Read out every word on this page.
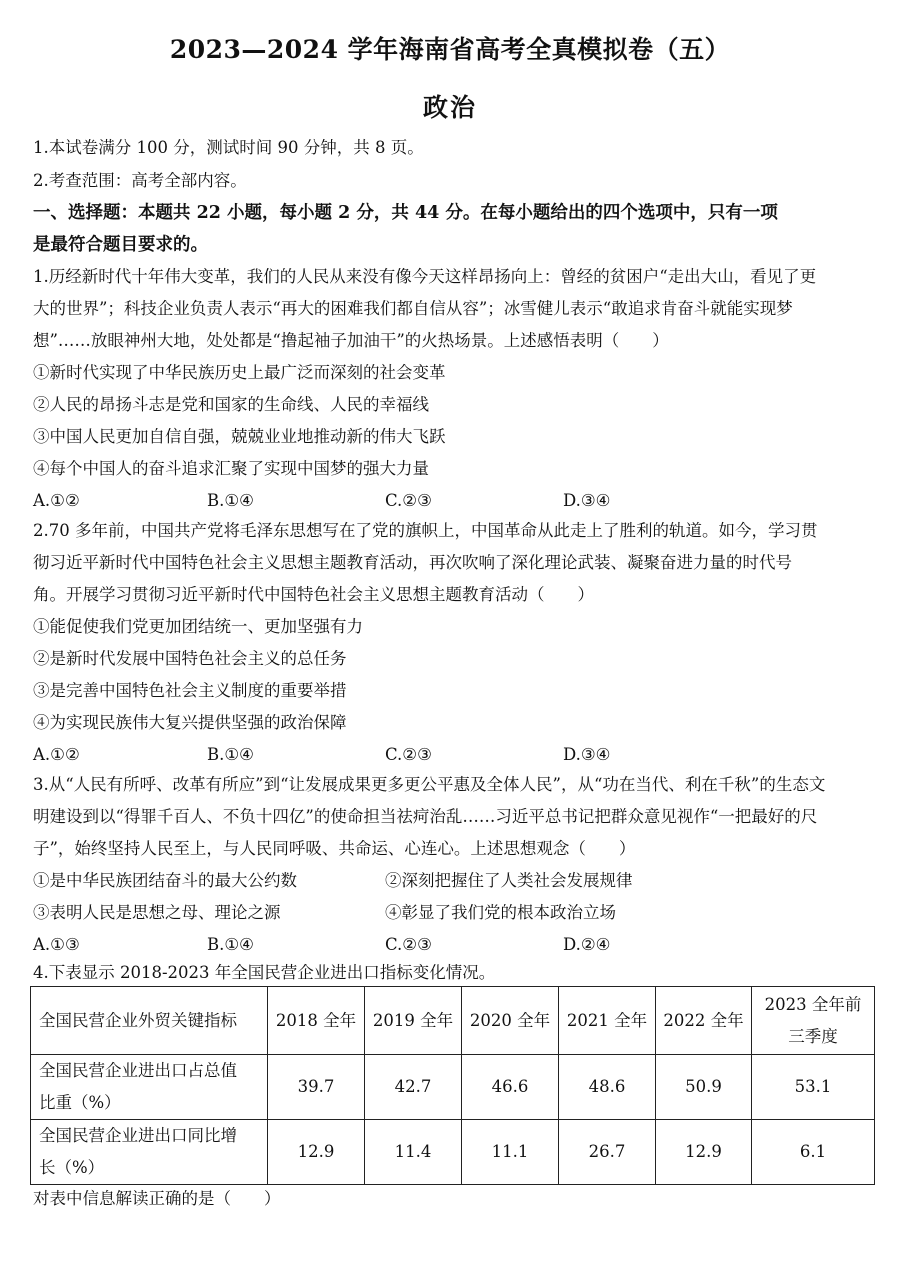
2023—2024 学年海南省高考全真模拟卷（五）
政治
1.本试卷满分 100 分，测试时间 90 分钟，共 8 页。
2.考查范围：高考全部内容。
一、选择题：本题共 22 小题，每小题 2 分，共 44 分。在每小题给出的四个选项中，只有一项
是最符合题目要求的。
1.历经新时代十年伟大变革，我们的人民从来没有像今天这样昂扬向上：曾经的贫困户“走出大山，看见了更
大的世界”；科技企业负责人表示“再大的困难我们都自信从容”；冰雪健儿表示“敢追求肯奋斗就能实现梦
想”……放眼神州大地，处处都是“撸起袖子加油干”的火热场景。上述感悟表明（　　）
①新时代实现了中华民族历史上最广泛而深刻的社会变革
②人民的昂扬斗志是党和国家的生命线、人民的幸福线
③中国人民更加自信自强，兢兢业业地推动新的伟大飞跃
④每个中国人的奋斗追求汇聚了实现中国梦的强大力量
A.①②	B.①④	C.②③	D.③④
2.70 多年前，中国共产党将毛泽东思想写在了党的旗帜上，中国革命从此走上了胜利的轨道。如今，学习贯
彻习近平新时代中国特色社会主义思想主题教育活动，再次吹响了深化理论武装、凝聚奋进力量的时代号
角。开展学习贯彻习近平新时代中国特色社会主义思想主题教育活动（　　）
①能促使我们党更加团结统一、更加坚强有力
②是新时代发展中国特色社会主义的总任务
③是完善中国特色社会主义制度的重要举措
④为实现民族伟大复兴提供坚强的政治保障
A.①②	B.①④	C.②③	D.③④
3.从“人民有所呼、改革有所应”到“让发展成果更多更公平惠及全体人民”，从“功在当代、利在千秋”的生态文
明建设到以“得罪千百人、不负十四亿”的使命担当祛疴治乱……习近平总书记把群众意见视作“一把最好的尺
子”，始终坚持人民至上，与人民同呼吸、共命运、心连心。上述思想观念（　　）
①是中华民族团结奋斗的最大公约数	②深刻把握住了人类社会发展规律
③表明人民是思想之母、理论之源	④彰显了我们党的根本政治立场
A.①③	B.①④	C.②③	D.②④
4.下表显示 2018-2023 年全国民营企业进出口指标变化情况。
全国民营企业外贸关键指标	2018 全年	2019 全年	2020 全年	2021 全年	2022 全年	2023 全年前
三季度
全国民营企业进出口占总值
比重（%）	39.7	42.7	46.6	48.6	50.9	53.1
全国民营企业进出口同比增
长（%）	12.9	11.4	11.1	26.7	12.9	6.1
对表中信息解读正确的是（　　）
